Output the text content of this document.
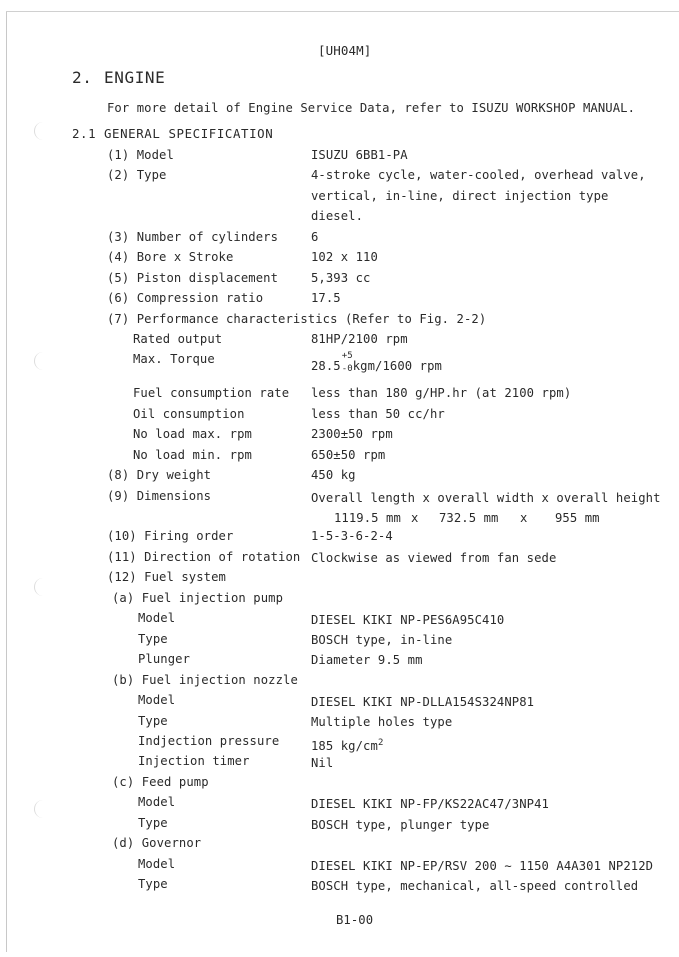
[UH04M]
2. ENGINE
For more detail of Engine Service Data, refer to ISUZU WORKSHOP MANUAL.
2.1 GENERAL SPECIFICATION
(1) Model
(2) Type
(3) Number of cylinders
(4) Bore x Stroke
(5) Piston displacement
(6) Compression ratio
(7) Performance characteristics (Refer to Fig. 2-2)
Rated output
Max. Torque
Fuel consumption rate
Oil consumption
No load max. rpm
No load min. rpm
(8) Dry weight
(9) Dimensions
(10) Firing order
(11) Direction of rotation
(12) Fuel system
(a) Fuel injection pump
Model
Type
Plunger
(b) Fuel injection nozzle
Model
Type
Indjection pressure
Injection timer
(c) Feed pump
Model
Type
(d) Governor
Model
Type
ISUZU 6BB1-PA
4-stroke cycle, water-cooled, overhead valve,
vertical, in-line, direct injection type
diesel.
6
102 x 110
5,393 cc
17.5
81HP/2100 rpm
28.5
+5
-0 kgm/1600 rpm
less than 180 g/HP.hr (at 2100 rpm)
less than 50 cc/hr
2300±50 rpm
650±50 rpm
450 kg
Overall length x overall width x overall height
1119.5 mm x 732.5 mm x 955 mm
1-5-3-6-2-4
Clockwise as viewed from fan sede
DIESEL KIKI NP-PES6A95C410
BOSCH type, in-line
Diameter 9.5 mm
DIESEL KIKI NP-DLLA154S324NP81
Multiple holes type
185 $kg/cm^2$
Nil
DIESEL KIKI NP-FP/KS22AC47/3NP41
BOSCH type, plunger type
DIESEL KIKI NP-EP/RSV 200 ∼ 1150 A4A301 NP212D
BOSCH type, mechanical, all-speed controlled
B1-00
